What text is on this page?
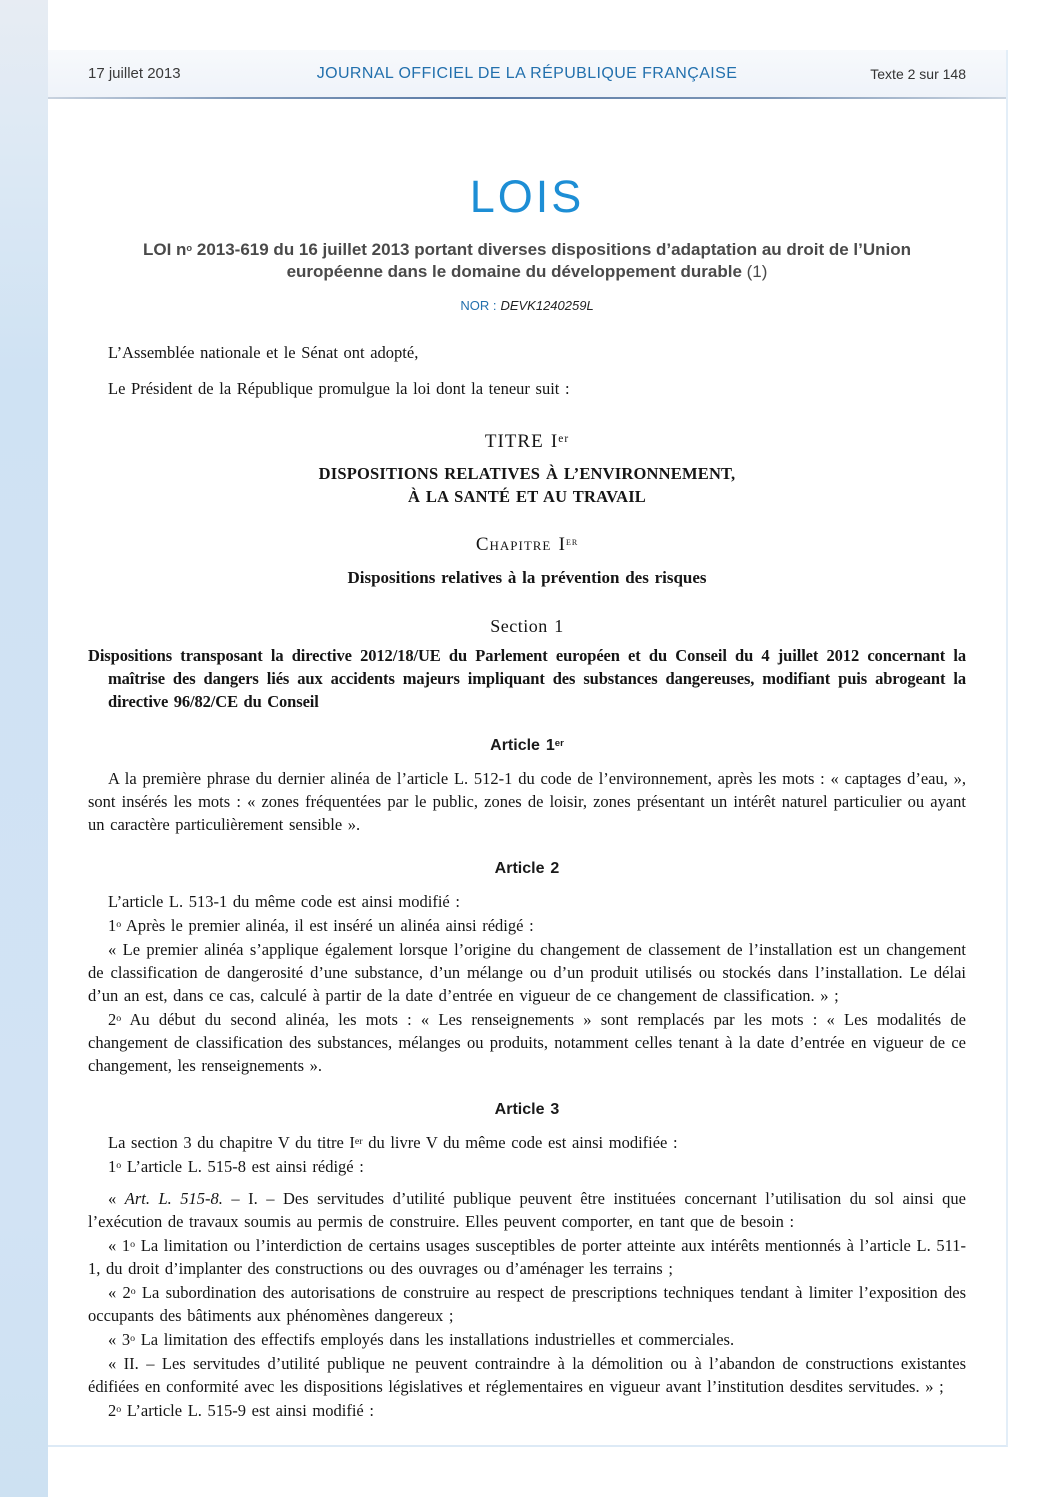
17 juillet 2013	JOURNAL OFFICIEL DE LA RÉPUBLIQUE FRANÇAISE	Texte 2 sur 148
LOIS

LOI $n^o$ 2013-619 du 16 juillet 2013 portant diverses dispositions d’adaptation au droit de l’Union européenne dans le domaine du développement durable (1)

NOR : DEVK1240259L

L’Assemblée nationale et le Sénat ont adopté,

Le Président de la République promulgue la loi dont la teneur suit :

TITRE Ier

DISPOSITIONS RELATIVES À L’ENVIRONNEMENT,
À LA SANTÉ ET AU TRAVAIL

Chapitre Ier

Dispositions relatives à la prévention des risques

Section 1

Dispositions transposant la directive 2012/18/UE du Parlement européen et du Conseil du 4 juillet 2012 concernant la maîtrise des dangers liés aux accidents majeurs impliquant des substances dangereuses, modifiant puis abrogeant la directive 96/82/CE du Conseil

Article 1er

A la première phrase du dernier alinéa de l’article L. 512-1 du code de l’environnement, après les mots : « captages d’eau, », sont insérés les mots : « zones fréquentées par le public, zones de loisir, zones présentant un intérêt naturel particulier ou ayant un caractère particulièrement sensible ».

Article 2

L’article L. 513-1 du même code est ainsi modifié :

1$^o$ Après le premier alinéa, il est inséré un alinéa ainsi rédigé :

« Le premier alinéa s’applique également lorsque l’origine du changement de classement de l’installation est un changement de classification de dangerosité d’une substance, d’un mélange ou d’un produit utilisés ou stockés dans l’installation. Le délai d’un an est, dans ce cas, calculé à partir de la date d’entrée en vigueur de ce changement de classification. » ;

2$^o$ Au début du second alinéa, les mots : « Les renseignements » sont remplacés par les mots : « Les modalités de changement de classification des substances, mélanges ou produits, notamment celles tenant à la date d’entrée en vigueur de ce changement, les renseignements ».

Article 3

La section 3 du chapitre V du titre Ier du livre V du même code est ainsi modifiée :

1$^o$ L’article L. 515-8 est ainsi rédigé :

« Art. L. 515-8. – I. – Des servitudes d’utilité publique peuvent être instituées concernant l’utilisation du sol ainsi que l’exécution de travaux soumis au permis de construire. Elles peuvent comporter, en tant que de besoin :

« 1$^o$ La limitation ou l’interdiction de certains usages susceptibles de porter atteinte aux intérêts mentionnés à l’article L. 511-1, du droit d’implanter des constructions ou des ouvrages ou d’aménager les terrains ;

« 2$^o$ La subordination des autorisations de construire au respect de prescriptions techniques tendant à limiter l’exposition des occupants des bâtiments aux phénomènes dangereux ;

« 3$^o$ La limitation des effectifs employés dans les installations industrielles et commerciales.

« II. – Les servitudes d’utilité publique ne peuvent contraindre à la démolition ou à l’abandon de constructions existantes édifiées en conformité avec les dispositions législatives et réglementaires en vigueur avant l’institution desdites servitudes. » ;

2$^o$ L’article L. 515-9 est ainsi modifié :
